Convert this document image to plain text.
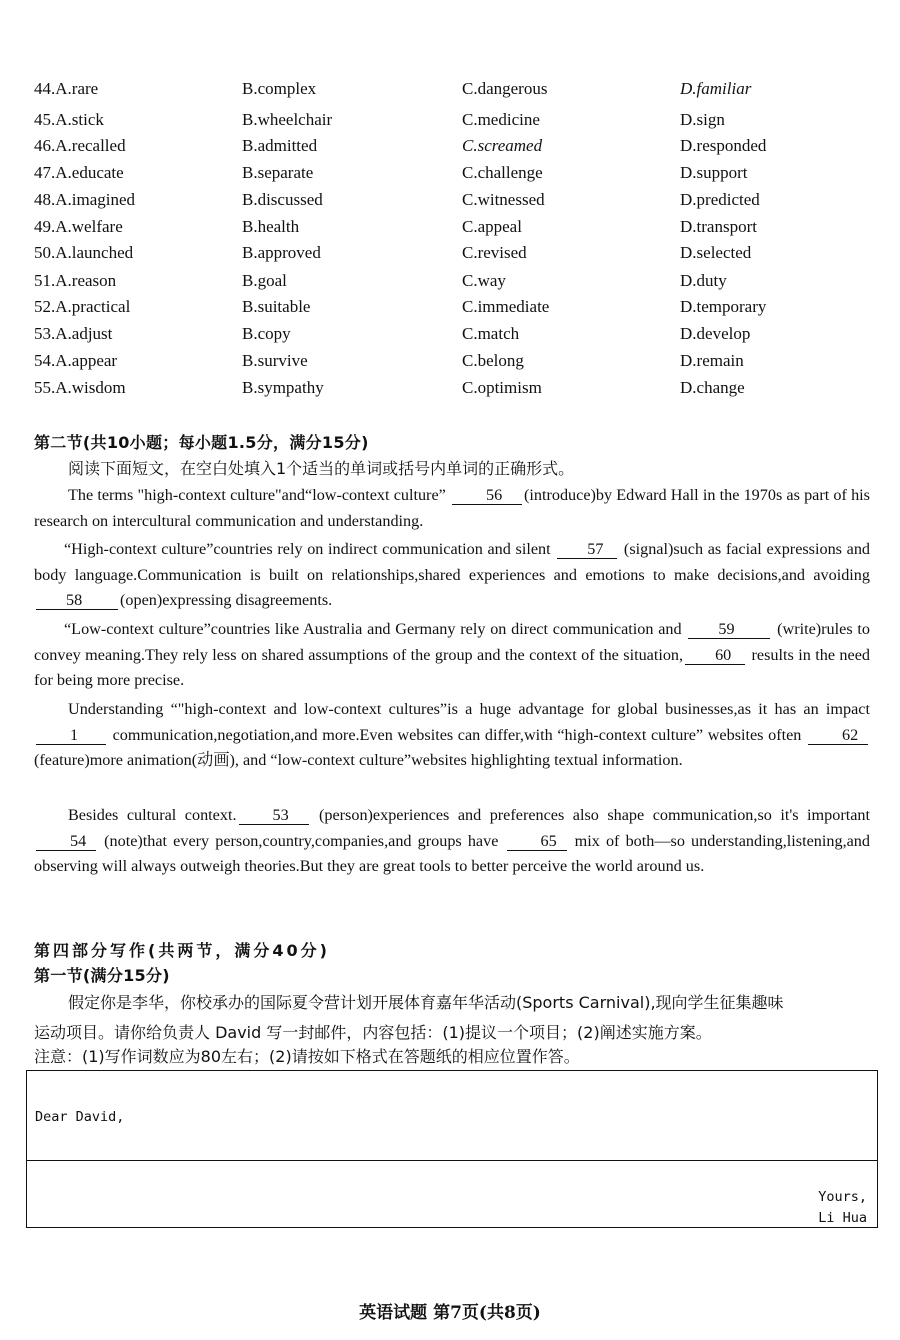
44.A.rare	B.complex	C.dangerous	D.familiar
45.A.stick	B.wheelchair	C.medicine	D.sign
46.A.recalled	B.admitted	C.screamed	D.responded
47.A.educate	B.separate	C.challenge	D.support
48.A.imagined	B.discussed	C.witnessed	D.predicted
49.A.welfare	B.health	C.appeal	D.transport
50.A.launched	B.approved	C.revised	D.selected
51.A.reason	B.goal	C.way	D.duty
52.A.practical	B.suitable	C.immediate	D.temporary
53.A.adjust	B.copy	C.match	D.develop
54.A.appear	B.survive	C.belong	D.remain
55.A.wisdom	B.sympathy	C.optimism	D.change
第二节(共10小题；每小题1.5分，满分15分)
阅读下面短文，在空白处填入1个适当的单词或括号内单词的正确形式。
The terms "high-context culture"and“low-context culture” 56 (introduce)by Edward Hall in the 1970s as part of his research on intercultural communication and understanding.
“High-context culture”countries rely on indirect communication and silent 57 (signal)such as facial expressions and body language.Communication is built on relationships,shared experiences and emotions to make decisions,and avoiding58 (open)expressing disagreements.
“Low-context culture”countries like Australia and Germany rely on direct communication and 59 (write)rules to convey meaning.They rely less on shared assumptions of the group and the context of the situation, 60 results in the need for being more precise.
Understanding “"high-context and low-context cultures”is a huge advantage for global businesses,as it has an impact 1 communication,negotiation,and more.Even websites can differ,with “high-context culture” websites often 62(feature)more animation(动画), and “low-context culture”websites highlighting textual information.
Besides cultural context. 53 (person)experiences and preferences also shape communication,so it's important 54 (note)that every person,country,companies,and groups have 65 mix of both—so understanding,listening,and observing will always outweigh theories.But they are great tools to better perceive the world around us.
第四部分写作(共两节，满分40分)
第一节(满分15分)
假定你是李华，你校承办的国际夏令营计划开展体育嘉年华活动(Sports Carnival),现向学生征集趣味
运动项目。请你给负责人 David 写一封邮件，内容包括：(1)提议一个项目；(2)阐述实施方案。
注意：(1)写作词数应为80左右；(2)请按如下格式在答题纸的相应位置作答。
Dear David,
Yours,
Li Hua
英语试题 第7页(共8页)
